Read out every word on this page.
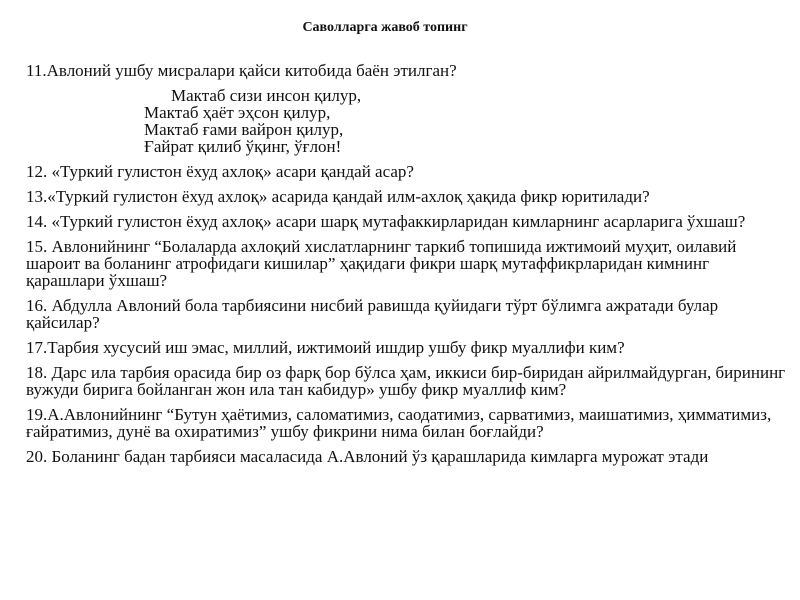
Саволларга жавоб топинг
11.Авлоний ушбу мисралари қайси китобида баён этилган?
Мактаб сизи инсон қилур,
Мактаб ҳаёт эҳсон қилур,
Мактаб ғами вайрон қилур,
Ғайрат қилиб ўқинг, ўғлон!
12. «Туркий гулистон ёхуд ахлоқ» асари қандай асар?
13.«Туркий гулистон ёхуд ахлоқ» асарида қандай илм-ахлоқ ҳақида фикр юритилади?
14. «Туркий гулистон ёхуд ахлоқ» асари шарқ мутафаккирларидан кимларнинг асарларига ўхшаш?
15. Авлонийнинг “Болаларда ахлоқий хислатларнинг таркиб топишида ижтимоий муҳит, оилавий шароит ва боланинг атрофидаги кишилар” ҳақидаги фикри шарқ мутаффикрларидан кимнинг қарашлари ўхшаш?
16. Абдулла Авлоний бола тарбиясини нисбий равишда қуйидаги тўрт бўлимга ажратади булар қайсилар?
17.Тарбия хусусий иш эмас, миллий, ижтимоий ишдир ушбу фикр муаллифи ким?
18. Дарс ила тарбия орасида бир оз фарқ бор бўлса ҳам, иккиси бир-биридан айрилмайдурган, бирининг вужуди бирига бойланган жон ила тан кабидур» ушбу фикр муаллиф ким?
19.А.Авлонийнинг “Бутун ҳаётимиз, саломатимиз, саодатимиз, сарватимиз, маишатимиз, ҳимматимиз, ғайратимиз, дунё ва охиратимиз” ушбу фикрини нима билан боғлайди?
20. Боланинг бадан тарбияси масаласида А.Авлоний ўз қарашларида кимларга мурожат этади
